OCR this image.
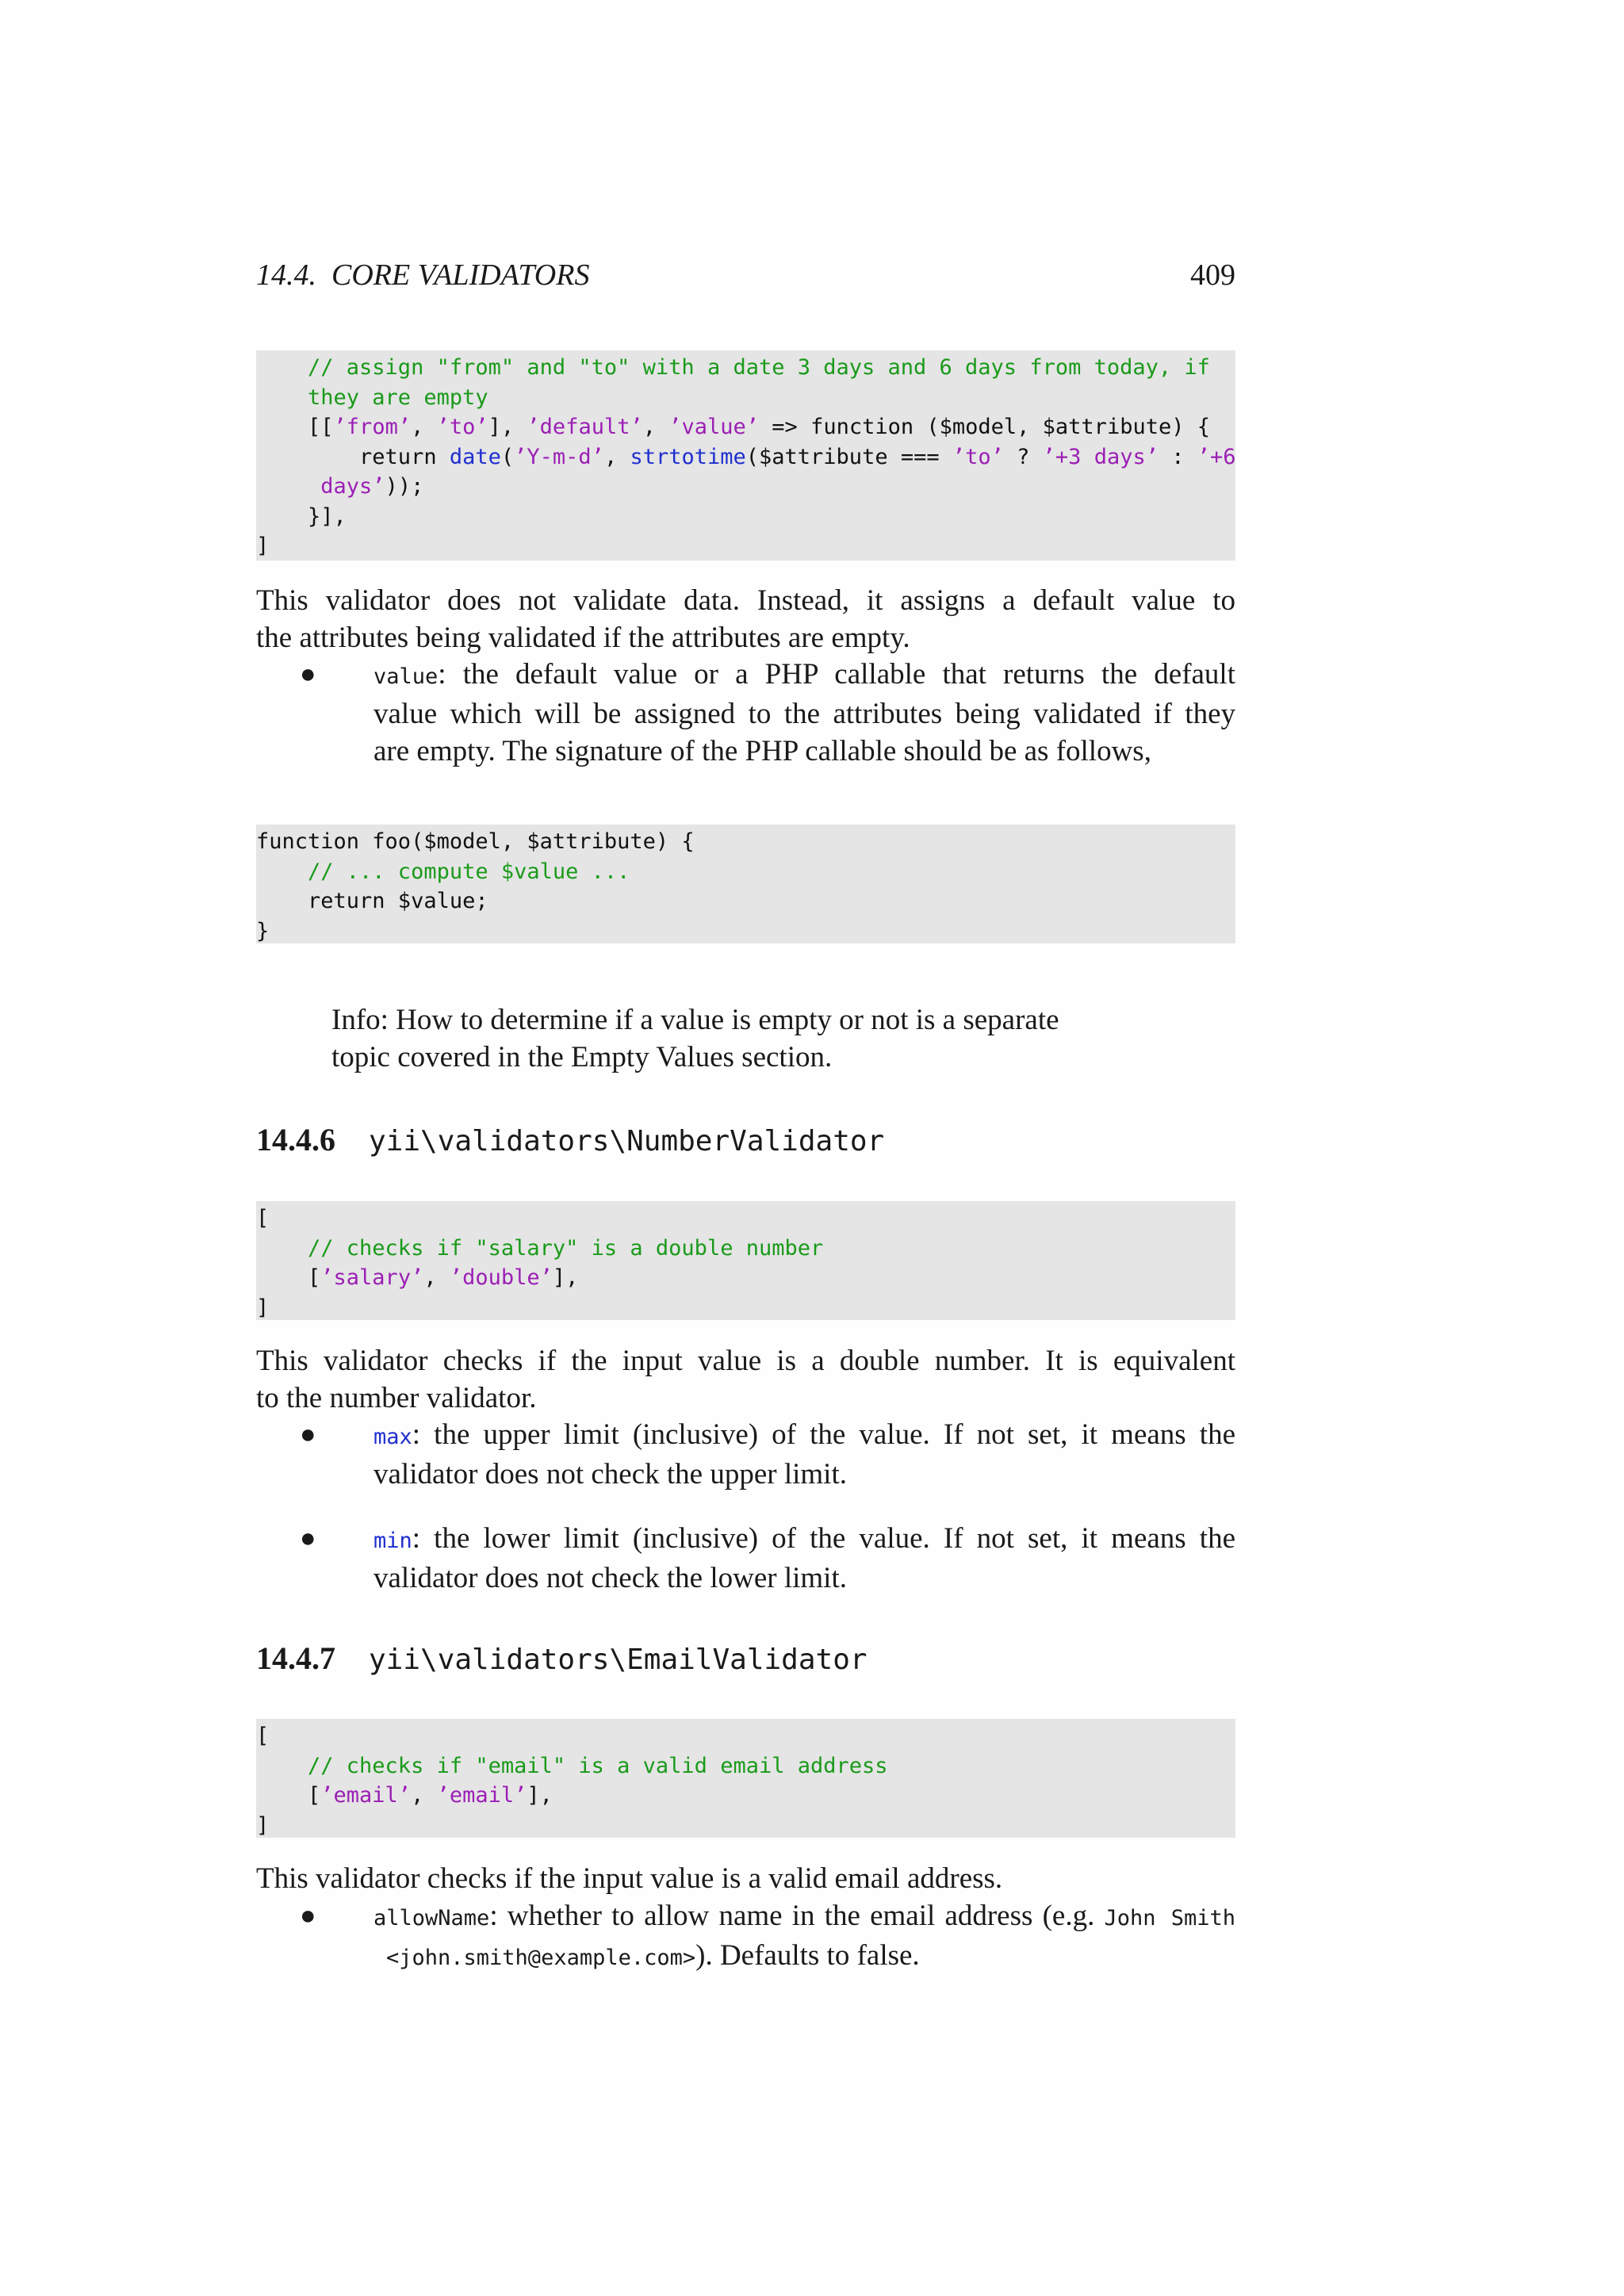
14.4.  CORE VALIDATORS	409
// assign "from" and "to" with a date 3 days and 6 days from today, if
they are empty
[[’from’, ’to’], ’default’, ’value’ => function ($model, $attribute) {
return date(’Y-m-d’, strtotime($attribute === ’to’ ? ’+3 days’ : ’+6
days’));
}],
]
This validator does not validate data. Instead, it assigns a default value to
the attributes being validated if the attributes are empty.
●	value: the default value or a PHP callable that returns the default
value which will be assigned to the attributes being validated if they
are empty. The signature of the PHP callable should be as follows,
function foo($model, $attribute) {
// ... compute $value ...
return $value;
}
Info: How to determine if a value is empty or not is a separate
topic covered in the Empty Values section.
14.4.6 yii\validators\NumberValidator
[
// checks if "salary" is a double number
[’salary’, ’double’],
]
This validator checks if the input value is a double number. It is equivalent
to the number validator.
●	max: the upper limit (inclusive) of the value. If not set, it means the
validator does not check the upper limit.
●	min: the lower limit (inclusive) of the value. If not set, it means the
validator does not check the lower limit.
14.4.7 yii\validators\EmailValidator
[
// checks if "email" is a valid email address
[’email’, ’email’],
]
This validator checks if the input value is a valid email address.
●	allowName: whether to allow name in the email address (e.g. John Smith
<john.smith@example.com>). Defaults to false.
